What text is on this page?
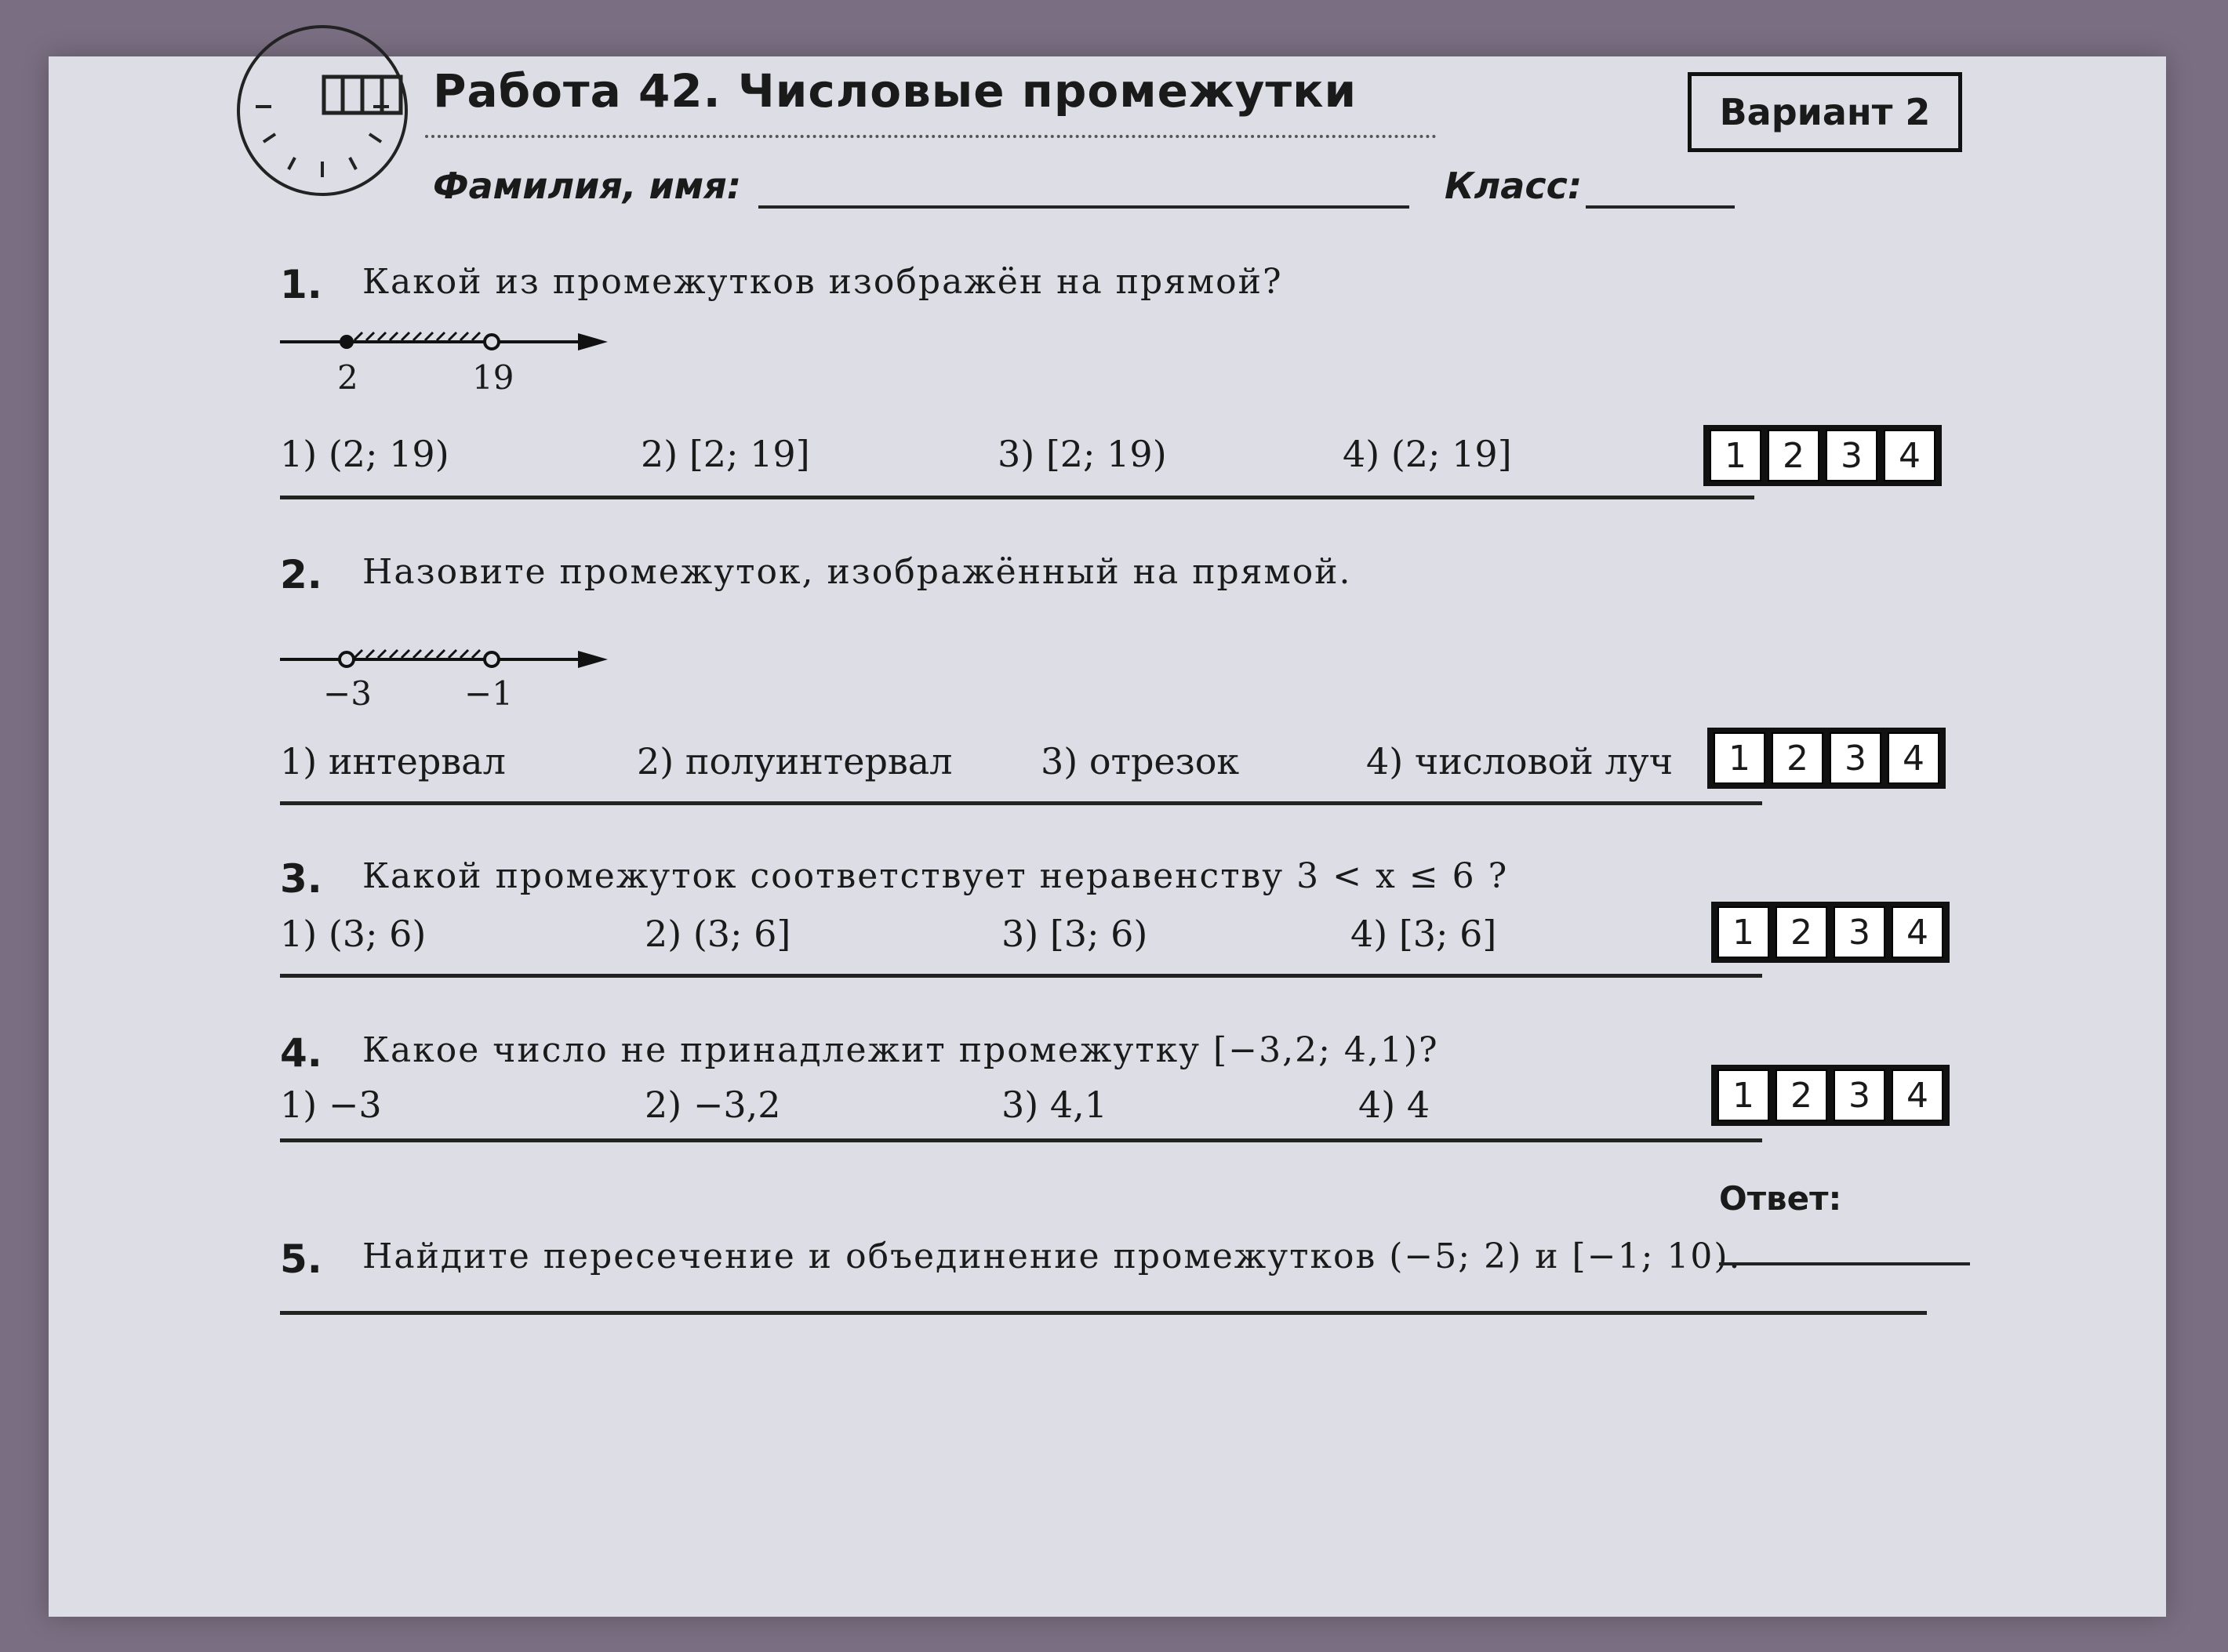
Работа 42. Числовые промежутки	Вариант 2
Фамилия, имя:	Класс:
1. Какой из промежутков изображён на прямой?
2	19
1) (2; 19)	2) [2; 19]	3) [2; 19)	4) (2; 19]	1	2	3	4
2. Назовите промежуток, изображённый на прямой.
−3	−1
1) интервал	2) полуинтервал 3) отрезок	4) числовой луч	1	2	3	4
3. Какой промежуток соответствует неравенству 3 < x ≤ 6 ?
1) (3; 6)	2) (3; 6]	3) [3; 6)	4) [3; 6]	1	2	3	4
4. Какое число не принадлежит промежутку [−3,2; 4,1)?
1) −3	2) −3,2	3) 4,1	4) 4	1	2	3	4
Ответ:
5. Найдите пересечение и объединение промежутков (−5; 2) и [−1; 10).
